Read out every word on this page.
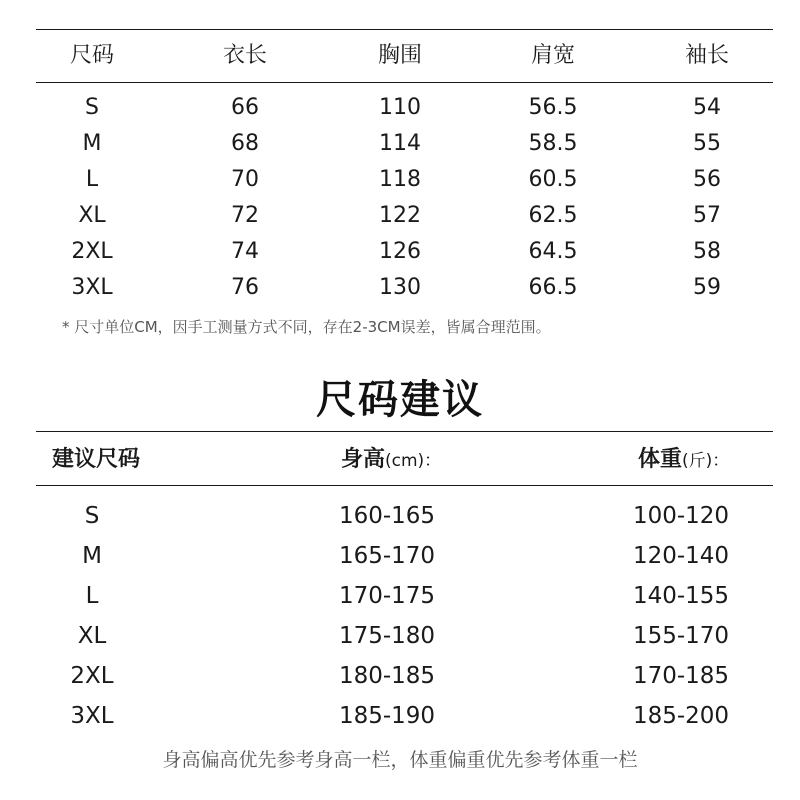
尺码	衣长	胸围	肩宽	袖长
S	66	110	56.5	54
M	68	114	58.5	55
L	70	118	60.5	56
XL	72	122	62.5	57
2XL	74	126	64.5	58
3XL	76	130	66.5	59
* 尺寸单位CM，因手工测量方式不同，存在2-3CM误差，皆属合理范围。
尺码建议
建议尺码	身高(cm)：	体重(斤)：
S	160-165	100-120
M	165-170	120-140
L	170-175	140-155
XL	175-180	155-170
2XL	180-185	170-185
3XL	185-190	185-200
身高偏高优先参考身高一栏，体重偏重优先参考体重一栏
